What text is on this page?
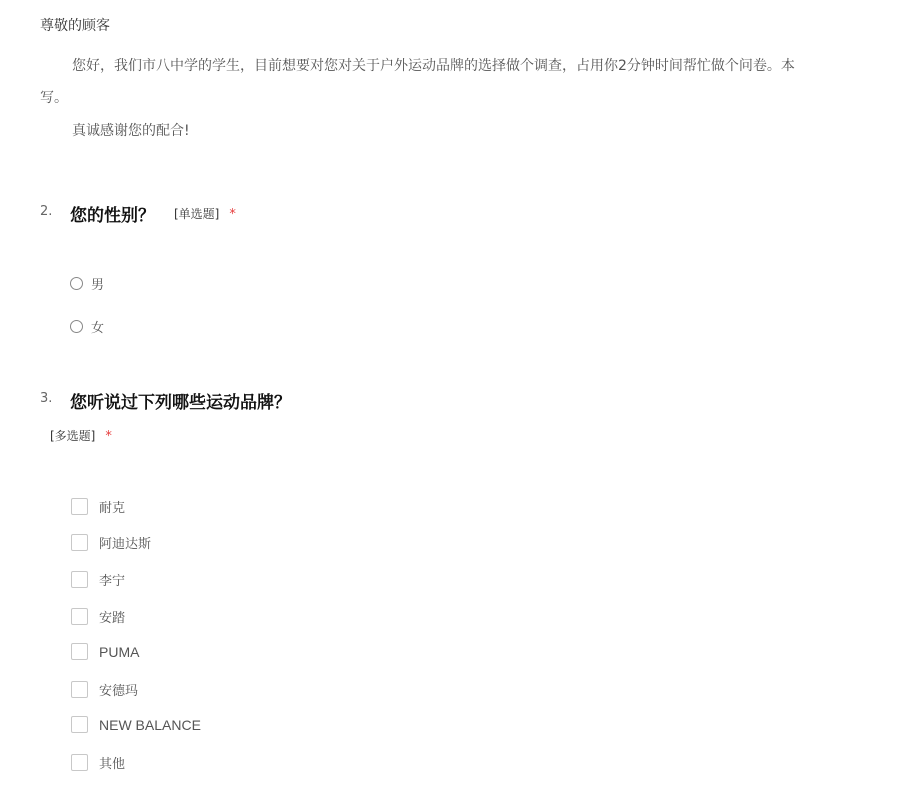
尊敬的顾客
您好，我们市八中学的学生，目前想要对您对关于户外运动品牌的选择做个调查，占用你2分钟时间帮忙做个问卷。本
写。
真诚感谢您的配合!
2. 您的性别？ [单选题] *
男
女
3. 您听说过下列哪些运动品牌？
[多选题] *
耐克
阿迪达斯
李宁
安踏
PUMA
安德玛
NEW BALANCE
其他
